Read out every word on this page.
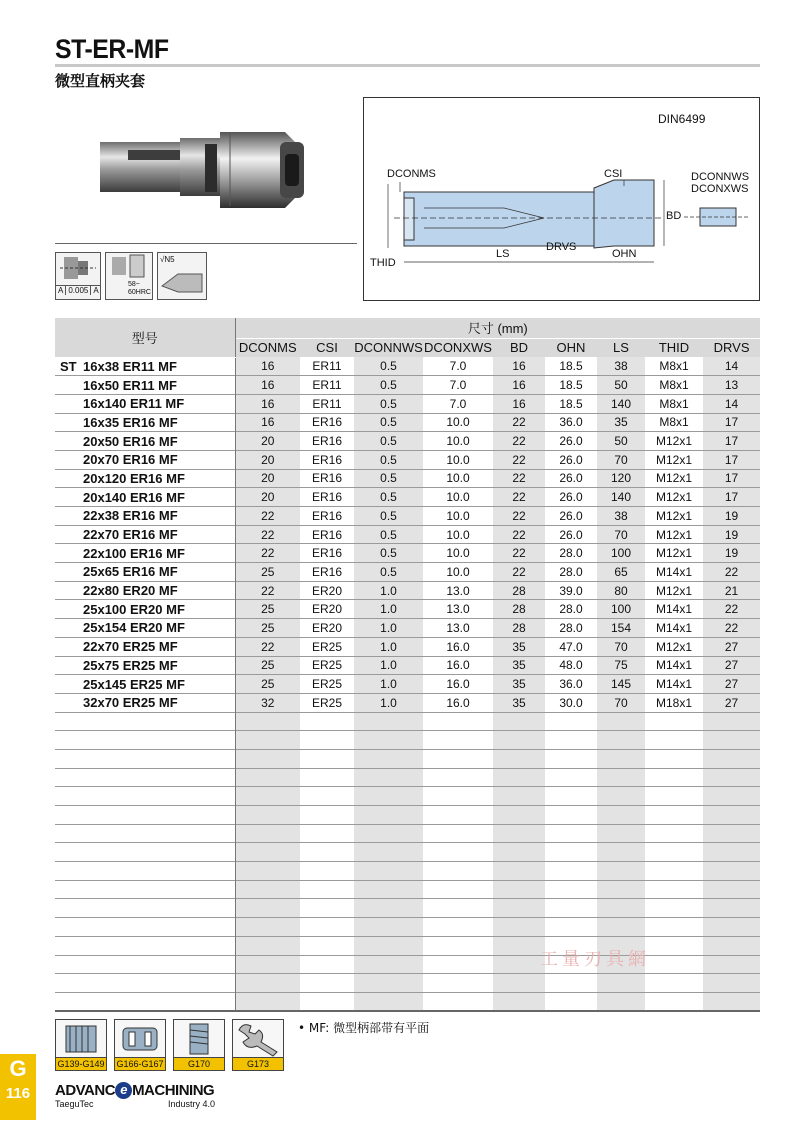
ST-ER-MF
微型直柄夹套
A 0.005 A
58~
60HRC
√N5
DIN6499
DCONMS	CSI	DCONNWS
DCONXWS
BD
LS
DRVS
OHN
THID
型号	尺寸 (mm)								
	DCONMS	CSI	DCONNWS	DCONXWS	BD	OHN	LS	THID	DRVS
ST 16x38 ER11 MF	16	ER11	0.5	7.0	16	18.5	38	M8x1	14
16x50 ER11 MF	16	ER11	0.5	7.0	16	18.5	50	M8x1	13
16x140 ER11 MF	16	ER11	0.5	7.0	16	18.5	140	M8x1	14
16x35 ER16 MF	16	ER16	0.5	10.0	22	36.0	35	M8x1	17
20x50 ER16 MF	20	ER16	0.5	10.0	22	26.0	50	M12x1	17
20x70 ER16 MF	20	ER16	0.5	10.0	22	26.0	70	M12x1	17
20x120 ER16 MF	20	ER16	0.5	10.0	22	26.0	120	M12x1	17
20x140 ER16 MF	20	ER16	0.5	10.0	22	26.0	140	M12x1	17
22x38 ER16 MF	22	ER16	0.5	10.0	22	26.0	38	M12x1	19
22x70 ER16 MF	22	ER16	0.5	10.0	22	26.0	70	M12x1	19
22x100 ER16 MF	22	ER16	0.5	10.0	22	28.0	100	M12x1	19
25x65 ER16 MF	25	ER16	0.5	10.0	22	28.0	65	M14x1	22
22x80 ER20 MF	22	ER20	1.0	13.0	28	39.0	80	M12x1	21
25x100 ER20 MF	25	ER20	1.0	13.0	28	28.0	100	M14x1	22
25x154 ER20 MF	25	ER20	1.0	13.0	28	28.0	154	M14x1	22
22x70 ER25 MF	22	ER25	1.0	16.0	35	47.0	70	M12x1	27
25x75 ER25 MF	25	ER25	1.0	16.0	35	48.0	75	M14x1	27
25x145 ER25 MF	25	ER25	1.0	16.0	35	36.0	145	M14x1	27
32x70 ER25 MF	32	ER25	1.0	16.0	35	30.0	70	M18x1	27

工量刃具網
G139-G149 G166-G167	G170	G173
• MF: 微型柄部带有平面
G
116	ADVANC e MACHINING
TaeguTec	Industry 4.0
